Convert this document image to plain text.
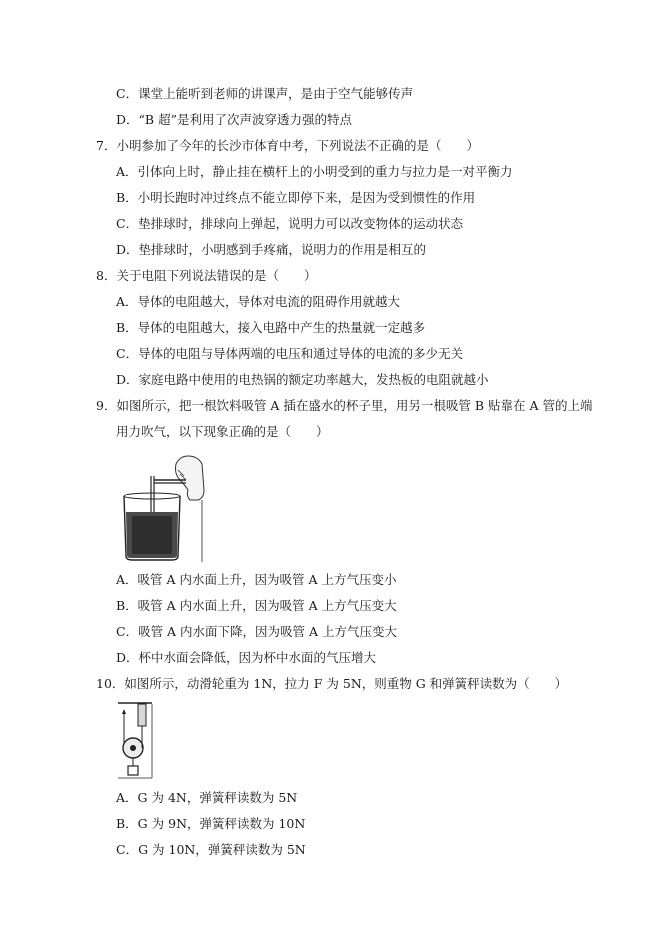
C．课堂上能听到老师的讲课声，是由于空气能够传声
D．“B 超”是利用了次声波穿透力强的特点
7．小明参加了今年的长沙市体育中考，下列说法不正确的是（　　）
A．引体向上时，静止挂在横杆上的小明受到的重力与拉力是一对平衡力
B．小明长跑时冲过终点不能立即停下来，是因为受到惯性的作用
C．垫排球时，排球向上弹起，说明力可以改变物体的运动状态
D．垫排球时，小明感到手疼痛，说明力的作用是相互的
8．关于电阻下列说法错误的是（　　）
A．导体的电阻越大，导体对电流的阻碍作用就越大
B．导体的电阻越大，接入电路中产生的热量就一定越多
C．导体的电阻与导体两端的电压和通过导体的电流的多少无关
D．家庭电路中使用的电热锅的额定功率越大，发热板的电阻就越小
9．如图所示，把一根饮料吸管 A 插在盛水的杯子里，用另一根吸管 B 贴靠在 A 管的上端
用力吹气，以下现象正确的是（　　）
A．吸管 A 内水面上升，因为吸管 A 上方气压变小
B．吸管 A 内水面上升，因为吸管 A 上方气压变大
C．吸管 A 内水面下降，因为吸管 A 上方气压变大
D．杯中水面会降低，因为杯中水面的气压增大
10．如图所示，动滑轮重为 1N，拉力 F 为 5N，则重物 G 和弹簧秤读数为（　　）
A．G 为 4N，弹簧秤读数为 5N
B．G 为 9N，弹簧秤读数为 10N
C．G 为 10N，弹簧秤读数为 5N
